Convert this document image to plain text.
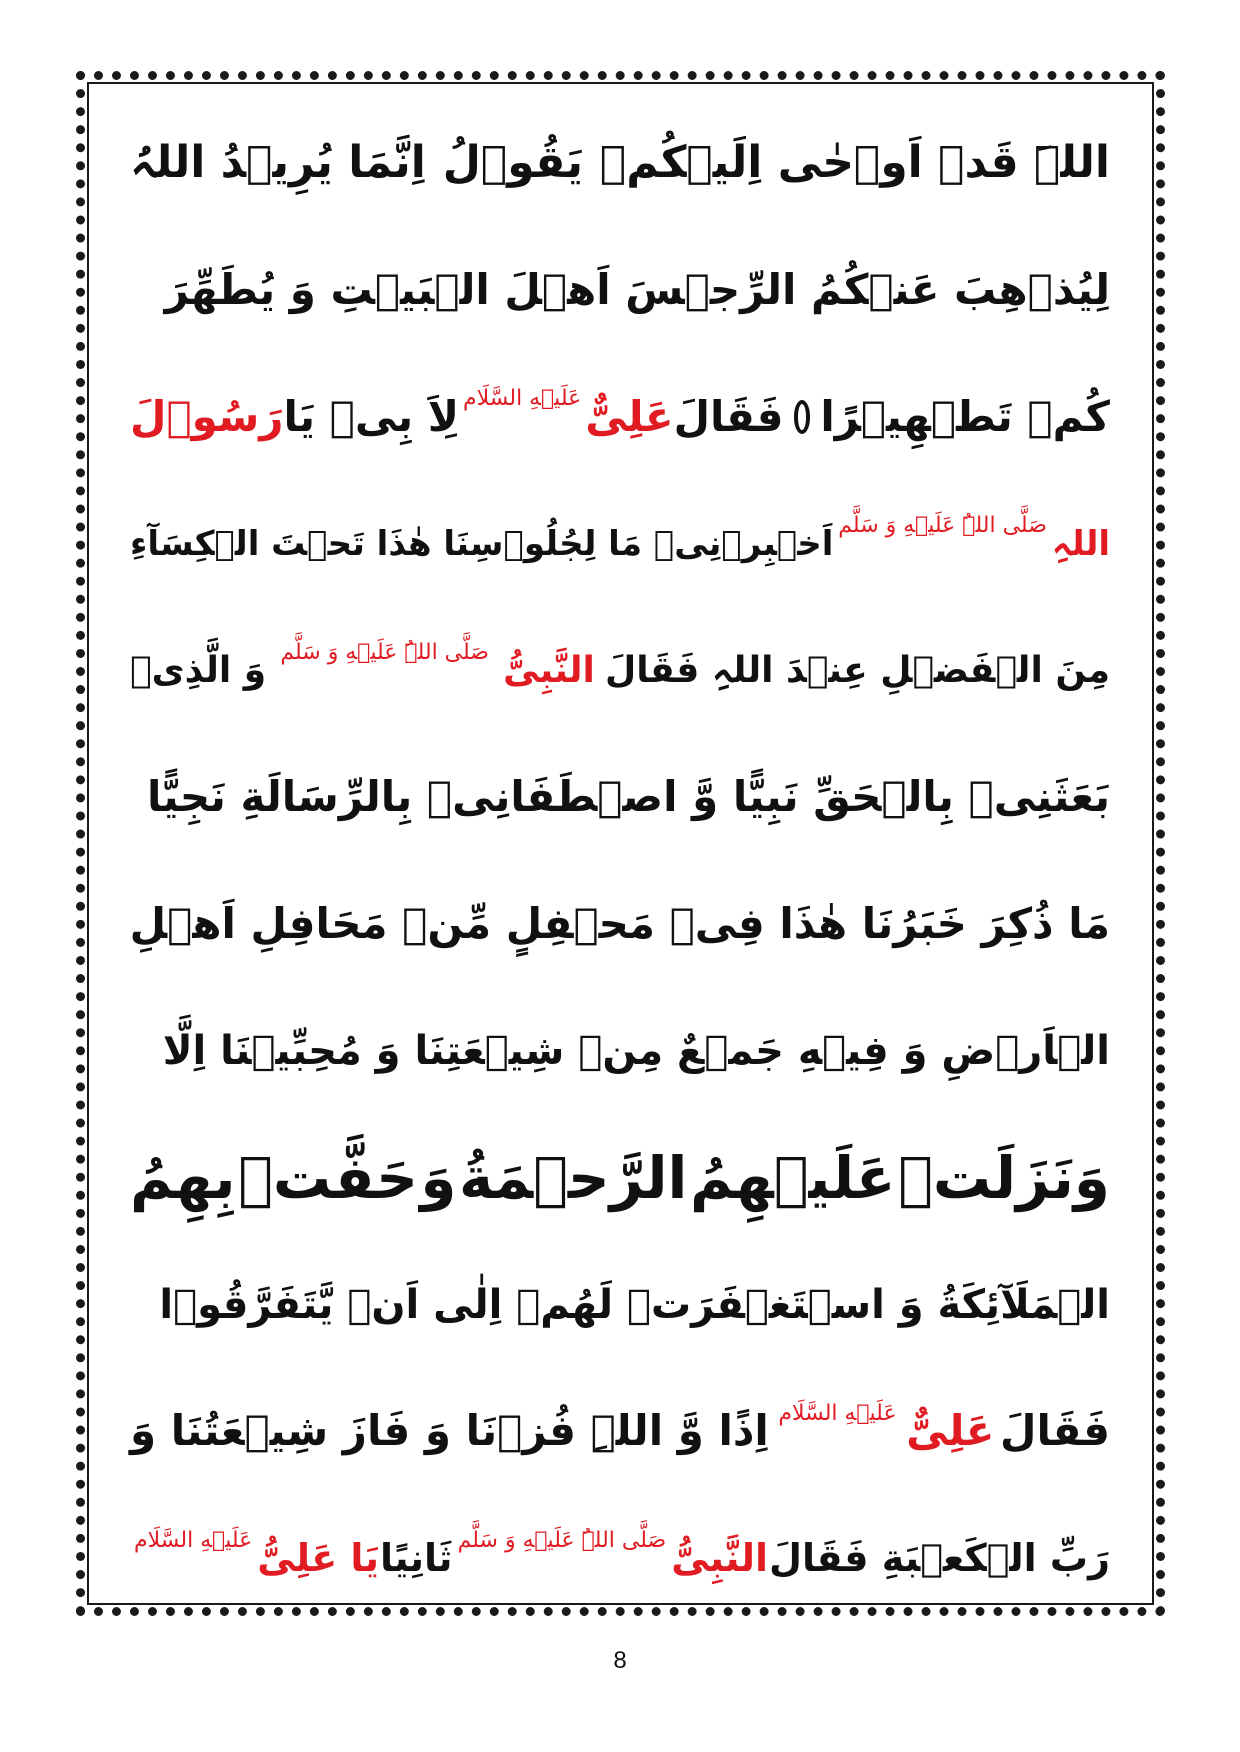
اللہَ قَدۡ اَوۡحٰی اِلَیۡکُمۡ
یَقُوۡلُ
اِنَّمَا یُرِیۡدُ اللہُ
لِیُذۡهِبَ عَنۡکُمُ الرِّجۡسَ اَهۡلَ الۡبَیۡتِ وَ یُطَهِّرَ
کُمۡ تَطۡهِیۡرًا
فَقَالَ
عَلِیٌّ
عَلَیۡهِ السَّلَام
لِاَ بِیۡ یَا
رَسُوۡلَ
اللہِ
صَلَّی اللہُ عَلَیۡهِ وَ سَلَّم
اَخۡبِرۡنِیۡ مَا لِجُلُوۡسِنَا هٰذَا تَحۡتَ الۡکِسَآءِ
مِنَ الۡفَضۡلِ عِنۡدَ اللہِ فَقَالَ
النَّبِیُّ
صَلَّی اللہُ عَلَیۡهِ وَ سَلَّم
وَ الَّذِیۡ
بَعَثَنِیۡ بِالۡحَقِّ نَبِیًّا وَّ اصۡطَفَانِیۡ بِالرِّسَالَةِ نَجِیًّا
مَا ذُکِرَ خَبَرُنَا هٰذَا فِیۡ مَحۡفِلٍ مِّنۡ مَحَافِلِ اَهۡلِ
الۡاَرۡضِ وَ فِیۡهِ جَمۡعٌ مِنۡ شِیۡعَتِنَا وَ مُحِبِّیۡنَا اِلَّا
وَنَزَلَتۡ
عَلَیۡهِمُ
الرَّحۡمَةُ
وَ
حَفَّتۡ
بِهِمُ
الۡمَلَآئِکَةُ وَ اسۡتَغۡفَرَتۡ لَهُمۡ اِلٰی اَنۡ یَّتَفَرَّقُوۡا
فَقَالَ
عَلِیٌّ
عَلَیۡهِ السَّلَام
اِذًا وَّ اللہِ فُزۡنَا وَ فَازَ شِیۡعَتُنَا وَ
رَبِّ الۡکَعۡبَةِ فَقَالَ
النَّبِیُّ
صَلَّی اللہُ عَلَیۡهِ وَ سَلَّم
ثَانِیًا
یَا عَلِیُّ
عَلَیۡهِ السَّلَام
8
